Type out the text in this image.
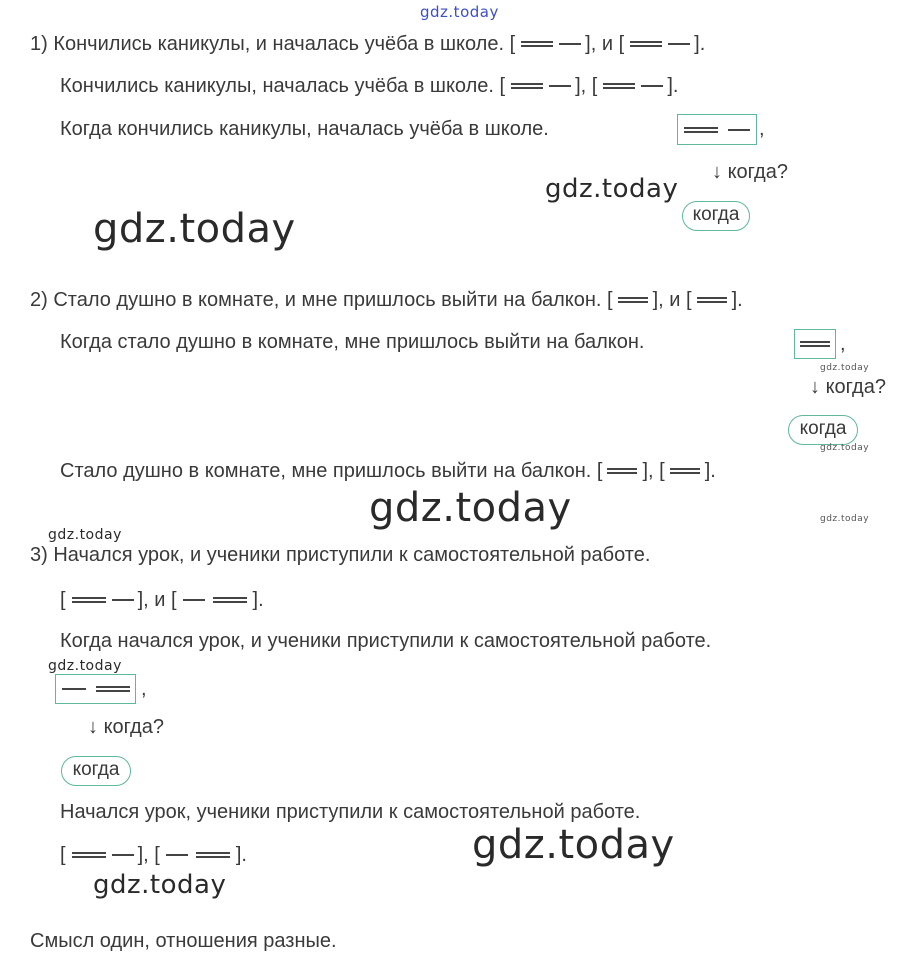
gdz.today
1) Кончились каникулы, и началась учёба в школе. [	], и [	].
Кончились каникулы, началась учёба в школе. [	], [	].
Когда кончились каникулы, началась учёба в школе.	,
↓ когда?
когда
gdz.today
gdz.today
2) Стало душно в комнате, и мне пришлось выйти на балкон. [ ], и [ ].
Когда стало душно в комнате, мне пришлось выйти на балкон.	,
gdz.today
↓ когда?
когда
gdz.today
Стало душно в комнате, мне пришлось выйти на балкон. [ ], [ ].
gdz.today	gdz.today
gdz.today
3) Начался урок, и ученики приступили к самостоятельной работе.
[	], и [	].
Когда начался урок, и ученики приступили к самостоятельной работе.
gdz.today
,
↓ когда?
когда
Начался урок, ученики приступили к самостоятельной работе.
[	], [	].	gdz.today
gdz.today
Смысл один, отношения разные.
